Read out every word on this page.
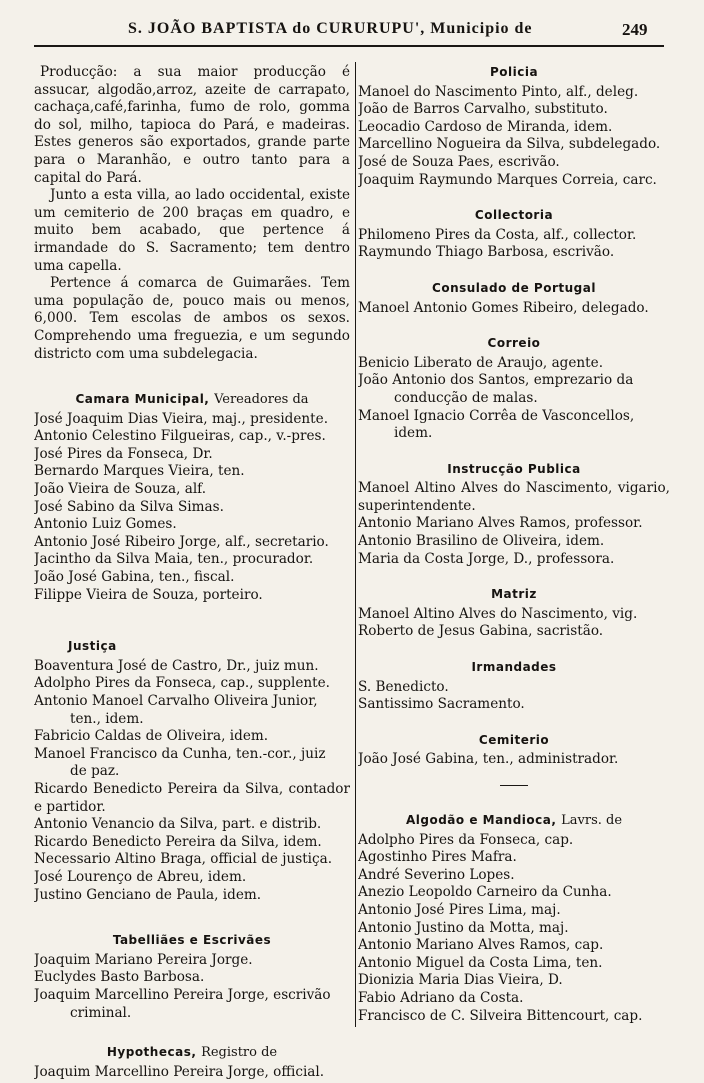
S. JOÃO BAPTISTA do CURURUPU', Municipio de	249

Producção: a sua maior producção é assucar, algodão,arroz, azeite de carrapato, cachaça,café,farinha, fumo de rolo, gomma do sol, milho, tapioca do Pará, e madeiras. Estes generos são exportados, grande parte para o Maranhão, e outro tanto para a capital do Pará.

Junto a esta villa, ao lado occidental, existe um cemiterio de 200 braças em quadro, e muito bem acabado, que pertence á irmandade do S. Sacramento; tem dentro uma capella.

Pertence á comarca de Guimarães. Tem uma população de, pouco mais ou menos, 6,000. Tem escolas de ambos os sexos. Comprehendo uma freguezia, e um segundo districto com uma subdelegacia.

Camara Municipal, Vereadores da
José Joaquim Dias Vieira, maj., presidente.
Antonio Celestino Filgueiras, cap., v.-pres.
José Pires da Fonseca, Dr.
Bernardo Marques Vieira, ten.
João Vieira de Souza, alf.
José Sabino da Silva Simas.
Antonio Luiz Gomes.
Antonio José Ribeiro Jorge, alf., secretario.
Jacintho da Silva Maia, ten., procurador.
João José Gabina, ten., fiscal.
Filippe Vieira de Souza, porteiro.
Justiça
Boaventura José de Castro, Dr., juiz mun.
Adolpho Pires da Fonseca, cap., supplente.
Antonio Manoel Carvalho Oliveira Junior,
ten., idem.
Fabricio Caldas de Oliveira, idem.
Manoel Francisco da Cunha, ten.-cor., juiz
de paz.

Ricardo Benedicto Pereira da Silva, contador e partidor.

Antonio Venancio da Silva, part. e distrib.
Ricardo Benedicto Pereira da Silva, idem.
Necessario Altino Braga, official de justiça.
José Lourenço de Abreu, idem.
Justino Genciano de Paula, idem.
Tabelliães e Escrivães
Joaquim Mariano Pereira Jorge.
Euclydes Basto Barbosa.
Joaquim Marcellino Pereira Jorge, escrivão
criminal.
Hypothecas, Registro de
Joaquim Marcellino Pereira Jorge, official.
Policia
Manoel do Nascimento Pinto, alf., deleg.
João de Barros Carvalho, substituto.
Leocadio Cardoso de Miranda, idem.
Marcellino Nogueira da Silva, subdelegado.
José de Souza Paes, escrivão.
Joaquim Raymundo Marques Correia, carc.
Collectoria
Philomeno Pires da Costa, alf., collector.
Raymundo Thiago Barbosa, escrivão.
Consulado de Portugal
Manoel Antonio Gomes Ribeiro, delegado.
Correio
Benicio Liberato de Araujo, agente.
João Antonio dos Santos, emprezario da
conducção de malas.
Manoel Ignacio Corrêa de Vasconcellos,
idem.
Instrucção Publica

Manoel Altino Alves do Nascimento, vigario, superintendente.

Antonio Mariano Alves Ramos, professor.
Antonio Brasilino de Oliveira, idem.
Maria da Costa Jorge, D., professora.
Matriz
Manoel Altino Alves do Nascimento, vig.
Roberto de Jesus Gabina, sacristão.
Irmandades
S. Benedicto.
Santissimo Sacramento.
Cemiterio
João José Gabina, ten., administrador.
Algodão e Mandioca, Lavrs. de
Adolpho Pires da Fonseca, cap.
Agostinho Pires Mafra.
André Severino Lopes.
Anezio Leopoldo Carneiro da Cunha.
Antonio José Pires Lima, maj.
Antonio Justino da Motta, maj.
Antonio Mariano Alves Ramos, cap.
Antonio Miguel da Costa Lima, ten.
Dionizia Maria Dias Vieira, D.
Fabio Adriano da Costa.
Francisco de C. Silveira Bittencourt, cap.
